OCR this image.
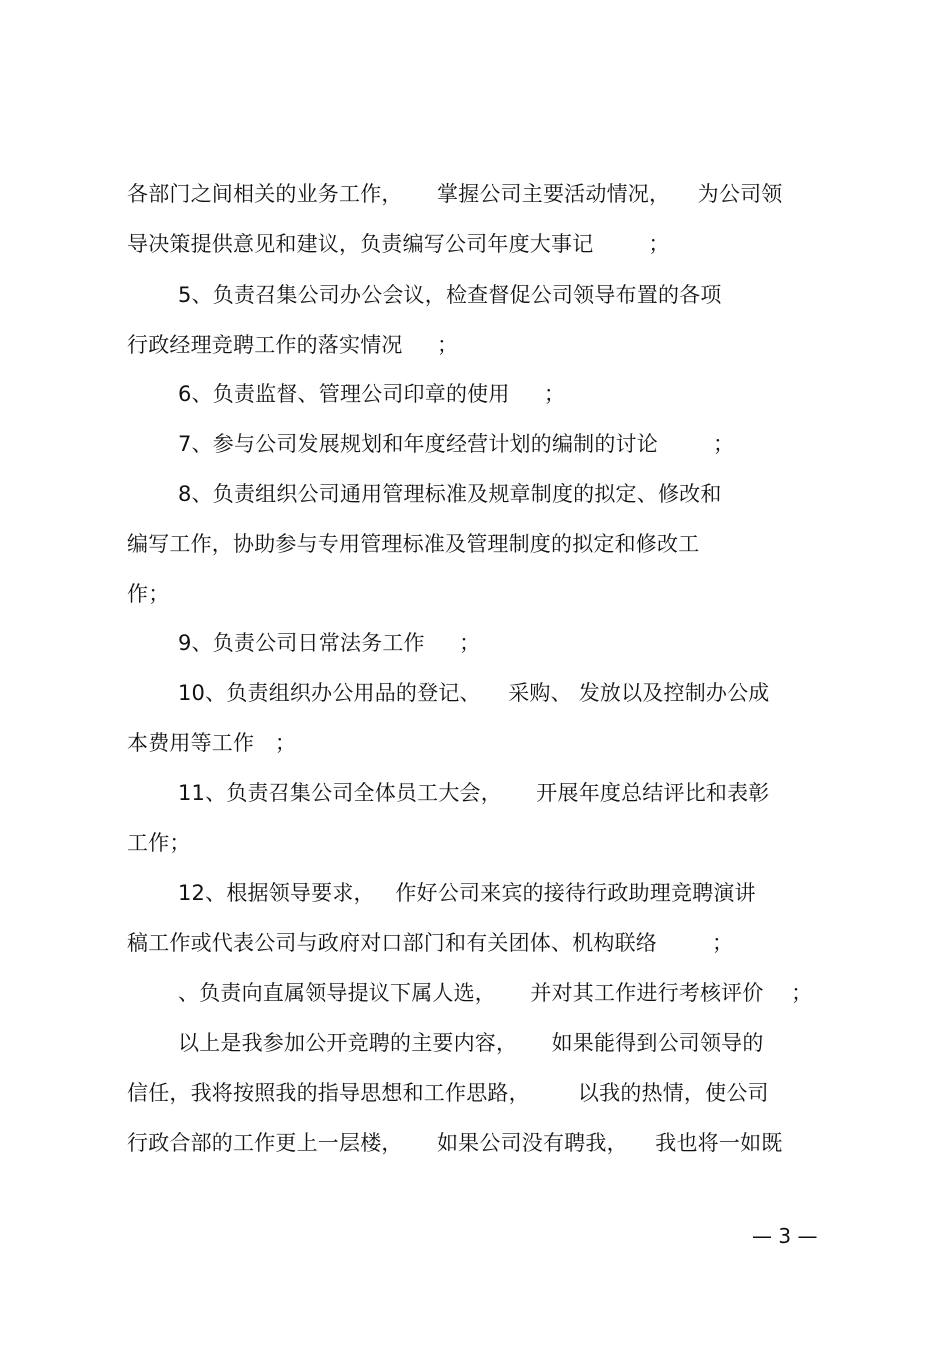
各部门之间相关的业务工作，     掌握公司主要活动情况，    为公司领
导决策提供意见和建议，负责编写公司年度大事记        ；
5、负责召集公司办公会议，检查督促公司领导布置的各项
行政经理竞聘工作的落实情况     ；
6、负责监督、管理公司印章的使用     ；
7、参与公司发展规划和年度经营计划的编制的讨论        ；
8、负责组织公司通用管理标准及规章制度的拟定、修改和
编写工作，协助参与专用管理标准及管理制度的拟定和修改工
作；
9、负责公司日常法务工作     ；
10、负责组织办公用品的登记、    采购、 发放以及控制办公成
本费用等工作   ；
11、负责召集公司全体员工大会，     开展年度总结评比和表彰
工作；
12、根据领导要求，   作好公司来宾的接待行政助理竞聘演讲
稿工作或代表公司与政府对口部门和有关团体、机构联络        ；
、负责向直属领导提议下属人选，     并对其工作进行考核评价    ；
以上是我参加公开竞聘的主要内容，     如果能得到公司领导的
信任，我将按照我的指导思想和工作思路，       以我的热情，使公司
行政合部的工作更上一层楼，     如果公司没有聘我，    我也将一如既
— 3 —
